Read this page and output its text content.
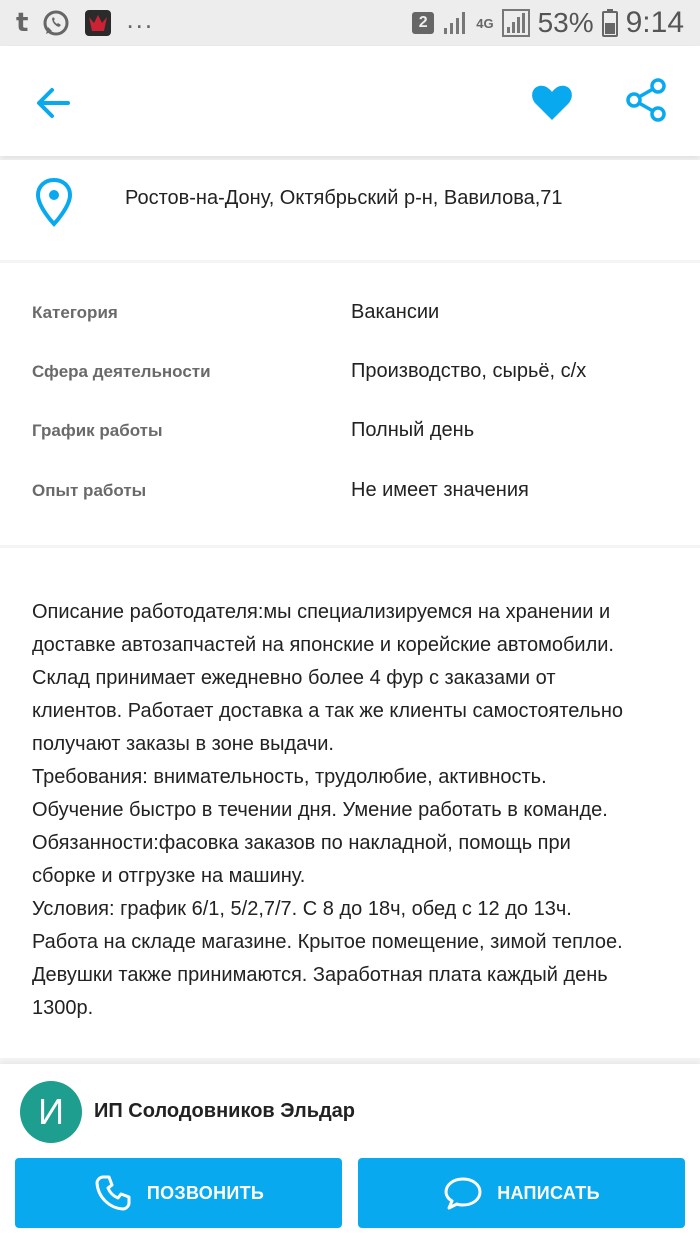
t	...	2	4G 53% 9:14
Ростов-на-Дону, Октябрьский р-н, Вавилова,71
Категория	Вакансии
Сфера деятельности	Производство, сырьё, с/х
График работы	Полный день
Опыт работы	Не имеет значения
Описание работодателя:мы специализируемся на хранении и
доставке автозапчастей на японские и корейские автомобили.
Склад принимает ежедневно более 4 фур с заказами от
клиентов. Работает доставка а так же клиенты самостоятельно
получают заказы в зоне выдачи.
Требования: внимательность, трудолюбие, активность.
Обучение быстро в течении дня. Умение работать в команде.
Обязанности:фасовка заказов по накладной, помощь при
сборке и отгрузке на машину.
Условия: график 6/1, 5/2,7/7. С 8 до 18ч, обед с 12 до 13ч.
Работа на складе магазине. Крытое помещение, зимой теплое.
Девушки также принимаются. Заработная плата каждый день
1300р.
И	ИП Солодовников Эльдар
ПОЗВОНИТЬ	НАПИСАТЬ
